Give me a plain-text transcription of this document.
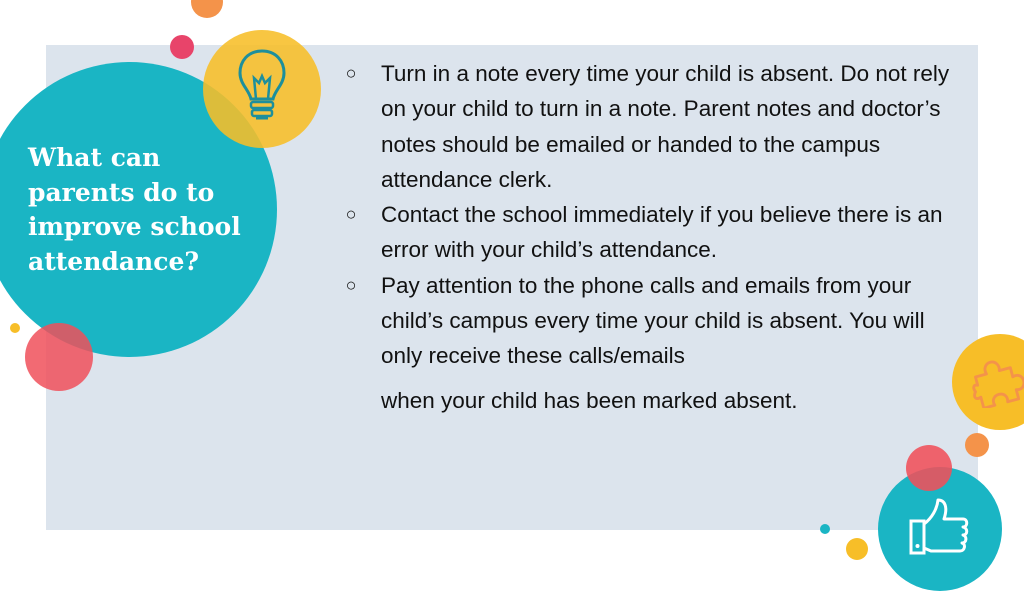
What can parents do to improve school attendance?
○	Turn in a note every time your child is absent. Do not rely on your child to turn in a note. Parent notes and doctor’s notes should be emailed or handed to the campus attendance clerk.
○	Contact the school immediately if you believe there is an error with your child’s attendance.
○	Pay attention to the phone calls and emails from your child’s campus every time your child is absent. You will only receive these calls/emails
when your child has been marked absent.
